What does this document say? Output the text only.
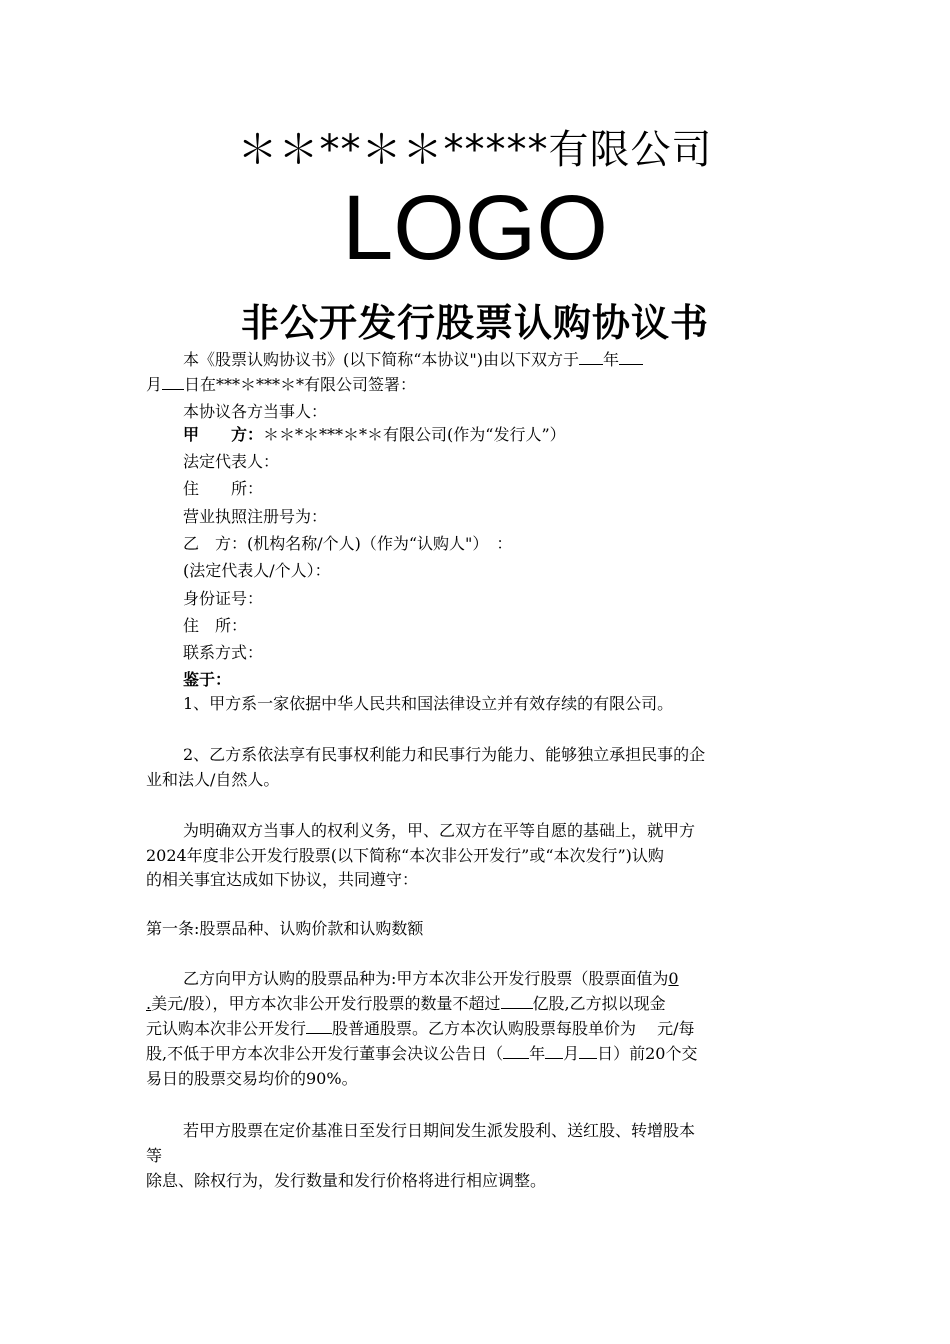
＊＊**＊＊*****有限公司
LOGO
非公开发行股票认购协议书
本《股票认购协议书》(以下简称“本协议")由以下双方于 年
月 日在***＊***＊*有限公司签署：
本协议各方当事人：
甲　　方：＊＊*＊***＊*＊有限公司(作为“发行人”）
法定代表人：
住　　所：
营业执照注册号为：
乙　方：(机构名称/个人)（作为“认购人"）　：
(法定代表人/个人）：
身份证号：
住　所：
联系方式：
鉴于：
1、甲方系一家依据中华人民共和国法律设立并有效存续的有限公司。
2、乙方系依法享有民事权利能力和民事行为能力、能够独立承担民事的企
业和法人/自然人。
为明确双方当事人的权利义务，甲、乙双方在平等自愿的基础上，就甲方
2024年度非公开发行股票(以下简称“本次非公开发行”或“本次发行”)认购
的相关事宜达成如下协议，共同遵守：
第一条:股票品种、认购价款和认购数额
乙方向甲方认购的股票品种为:甲方本次非公开发行股票（股票面值为0
.美元/股），甲方本次非公开发行股票的数量不超过 亿股,乙方拟以现金
元认购本次非公开发行 股普通股票。乙方本次认购股票每股单价为　 元/每
股,不低于甲方本次非公开发行董事会决议公告日（ 年 月 日）前20个交
易日的股票交易均价的90%。
若甲方股票在定价基准日至发行日期间发生派发股利、送红股、转增股本
等
除息、除权行为，发行数量和发行价格将进行相应调整。
